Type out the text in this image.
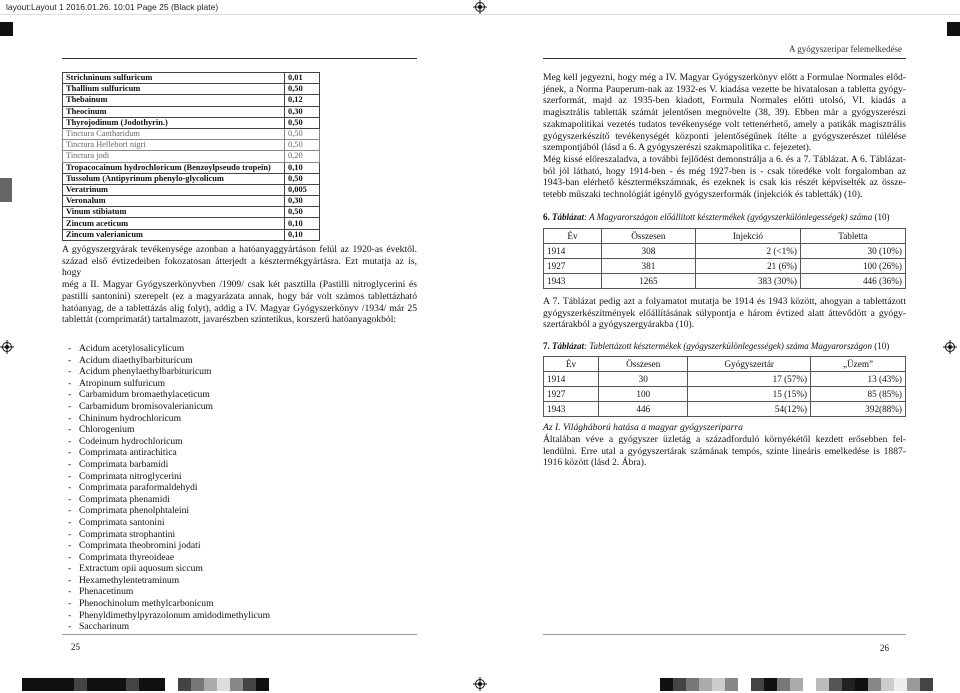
layout:Layout 1 2016.01.26. 10:01 Page 25 (Black plate)
A gyógyszeripar felemelkedése
Strichninum sulfuricum	0,01
Thallium sulfuricum	0,50
Thebainum	0,12
Theocinum	0,30
Thyrojodinum (Jodothyrin.)	0,50
Tinctura Cantharidum	0,50
Tinctura Hellebori nigri	0,50
Tinctura jodi	0,20
Tropacocainum hydrochloricum (Benzoylpseudo tropein)	0,10
Tussolum (Antipyrinum phenylo-glycolicum	0,50
Veratrinum	0,005
Veronalum	0,30
Vinum stibiatum	0,50
Zincum aceticum	0,10
Zincum valerianicum	0,10
A gyógyszergyárak tevékenysége azonban a hatóanyaggyártáson felül az 1920-as évektől.
század első évtizedeiben fokozatosan átterjedt a késztermékgyártásra. Ezt mutatja az is, hogy
még a II. Magyar Gyógyszerkönyvben /1909/ csak két pasztilla (Pastilli nitroglycerini és
pastilli santonini) szerepelt (ez a magyarázata annak, hogy bár volt számos tablettázható
hatóanyag, de a tablettázás alig folyt), addig a IV. Magyar Gyógyszerkönyv /1934/ már 25
tablettát (comprimatát) tartalmazott, javarészben szintetikus, korszerű hatóanyagokból:
- Acidum acetylosalicylicum
- Acidum diaethylbarbituricum
- Acidum phenylaethylbarbituricum
- Atropinum sulfuricum
- Carbamidum bromaethylaceticum
- Carbamidum bromisovalerianicum
- Chininum hydrochloricum
- Chlorogenium
- Codeinum hydrochloricum
- Comprimata antirachitica
- Comprimata barbamidi
- Comprimata nitroglycerini
- Comprimata paraformaldehydi
- Comprimata phenamidi
- Comprimata phenolphtaleini
- Comprimata santonini
- Comprimata strophantini
- Comprimata theobromini jodati
- Comprimata thyreoideae
- Extractum opii aquosum siccum
- Hexamethylentetraminum
- Phenacetinum
- Phenochinolum methylcarbonicum
- Phenyldimethylpyrazolonum amidodimethylicum
- Saccharinum
Meg kell jegyezni, hogy még a IV. Magyar Gyógyszerkönyv előtt a Formulae Normales előd-
jének, a Norma Pauperum-nak az 1932-es V. kiadása vezette be hivatalosan a tabletta gyógy-
szerformát, majd az 1935-ben kiadott, Formula Normales előtti utolsó, VI. kiadás a
magisztrális tabletták számát jelentősen megnövelte (38, 39). Ebben már a gyógyszerészi
szakmapolitikai vezetés tudatos tevékenysége volt tettenérhető, amely a patikák magisztrális
gyógyszerkészítő tevékenységét központi jelentőségűnek ítélte a gyógyszerészet túlélése
szempontjából (lásd a 6. A gyógyszerészi szakmapolitika c. fejezetet).
Még kissé előreszaladva, a további fejlődést demonstrálja a 6. és a 7. Táblázat. A 6. Táblázat-
ból jól látható, hogy 1914-ben - és még 1927-ben is - csak töredéke volt forgalomban az
1943-ban elérhető késztermékszámnak, és ezeknek is csak kis részét képviselték az össze-
tetebb műszaki technológiát igénylő gyógyszerformák (injekciók és tabletták) (10).
6. Táblázat: A Magyarországon előállított késztermékek (gyógyszerkülönlegességek) száma (10)
Év	Összesen	Injekció	Tabletta
1914	308	2 (<1%)	30 (10%)
1927	381	21 (6%)	100 (26%)
1943	1265	383 (30%)	446 (36%)
A 7. Táblázat pedig azt a folyamatot mutatja be 1914 és 1943 között, ahogyan a tablettázott
gyógyszerkészítmények előállításának súlypontja e három évtized alatt áttevődött a gyógy-
szertárakból a gyógyszergyárakba (10).
7. Táblázat: Tablettázott késztermékek (gyógyszerkülönlegességek) száma Magyarországon (10)
Év	Összesen	Gyógyszertár	„Üzem”
1914	30	17 (57%)	13 (43%)
1927	100	15 (15%)	85 (85%)
1943	446	54(12%)	392(88%)
Az I. Világháború hatása a magyar gyógyszeriparra
Általában véve a gyógyszer üzletág a századforduló környékétől kezdett erősebben fel-
lendülni. Erre utal a gyógyszertárak számának tempós, szinte lineáris emelkedése is 1887-
1916 között (lásd 2. Ábra).
25	26
